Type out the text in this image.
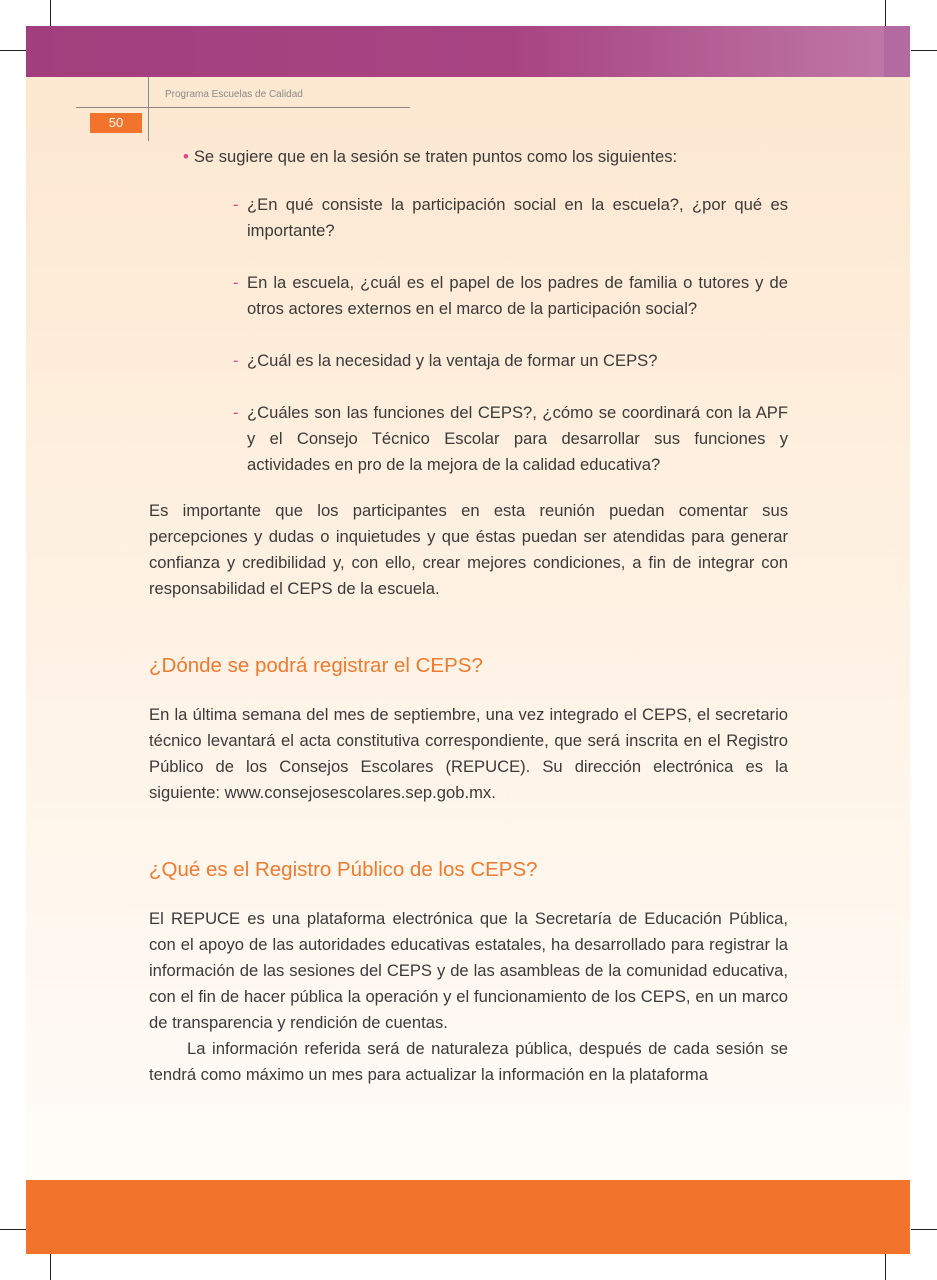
Programa Escuelas de Calidad
50
• Se sugiere que en la sesión se traten puntos como los siguientes:
- ¿En qué consiste la participación social en la escuela?, ¿por qué es importante?
- En la escuela, ¿cuál es el papel de los padres de familia o tutores y de otros actores externos en el marco de la participación social?
- ¿Cuál es la necesidad y la ventaja de formar un CEPS?
- ¿Cuáles son las funciones del CEPS?, ¿cómo se coordinará con la APF y el Consejo Técnico Escolar para desarrollar sus funciones y actividades en pro de la mejora de la calidad educativa?

Es importante que los participantes en esta reunión puedan comentar sus percepciones y dudas o inquietudes y que éstas puedan ser atendidas para generar confianza y credibilidad y, con ello, crear mejores condiciones, a fin de integrar con responsabilidad el CEPS de la escuela.

¿Dónde se podrá registrar el CEPS?

En la última semana del mes de septiembre, una vez integrado el CEPS, el secretario técnico levantará el acta constitutiva correspondiente, que será inscrita en el Registro Público de los Consejos Escolares (REPUCE). Su dirección electrónica es la siguiente: www.consejosescolares.sep.gob.mx.

¿Qué es el Registro Público de los CEPS?

El REPUCE es una plataforma electrónica que la Secretaría de Educación Pública, con el apoyo de las autoridades educativas estatales, ha desarrollado para registrar la información de las sesiones del CEPS y de las asambleas de la comunidad educativa, con el fin de hacer pública la operación y el funcionamiento de los CEPS, en un marco de transparencia y rendición de cuentas.

La información referida será de naturaleza pública, después de cada sesión se tendrá como máximo un mes para actualizar la información en la plataforma
